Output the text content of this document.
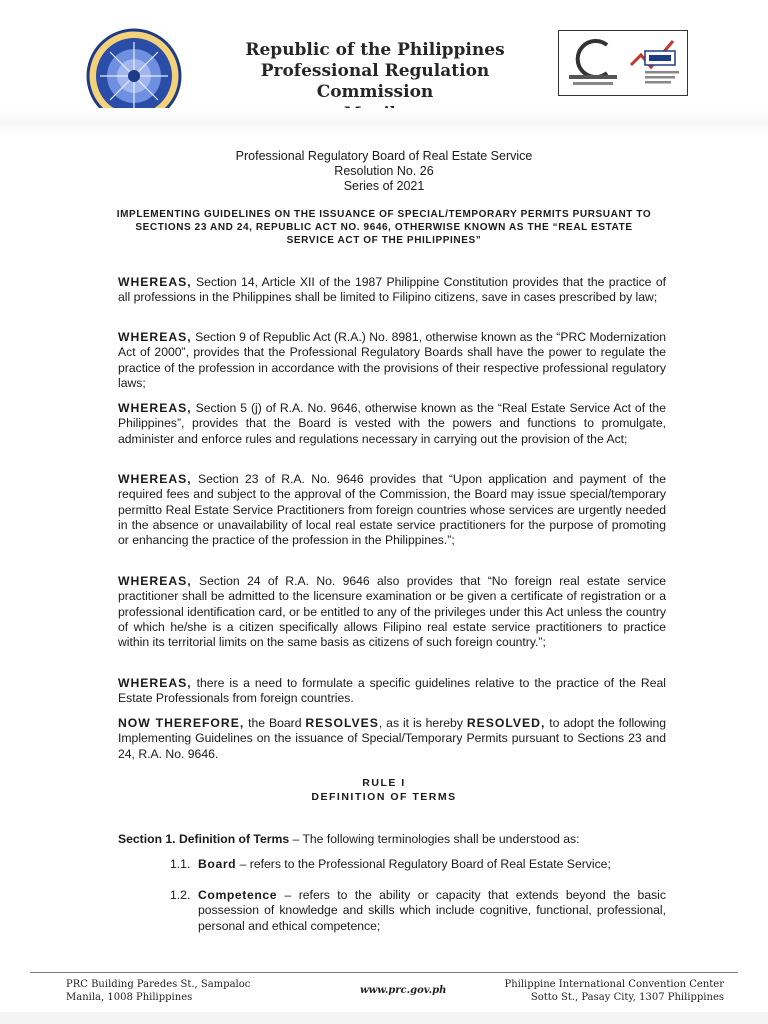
Republic of the Philippines
Professional Regulation Commission
Professional Regulatory Board of Real Estate Service
Resolution No. 26
Series of 2021
IMPLEMENTING GUIDELINES ON THE ISSUANCE OF SPECIAL/TEMPORARY PERMITS PURSUANT TO SECTIONS 23 AND 24, REPUBLIC ACT NO. 9646, OTHERWISE KNOWN AS THE “REAL ESTATE SERVICE ACT OF THE PHILIPPINES”
WHEREAS, Section 14, Article XII of the 1987 Philippine Constitution provides that the practice of all professions in the Philippines shall be limited to Filipino citizens, save in cases prescribed by law;
WHEREAS, Section 9 of Republic Act (R.A.) No. 8981, otherwise known as the “PRC Modernization Act of 2000”, provides that the Professional Regulatory Boards shall have the power to regulate the practice of the profession in accordance with the provisions of their respective professional regulatory laws;
WHEREAS, Section 5 (j) of R.A. No. 9646, otherwise known as the “Real Estate Service Act of the Philippines”, provides that the Board is vested with the powers and functions to promulgate, administer and enforce rules and regulations necessary in carrying out the provision of the Act;
WHEREAS, Section 23 of R.A. No. 9646 provides that “Upon application and payment of the required fees and subject to the approval of the Commission, the Board may issue special/temporary permitto Real Estate Service Practitioners from foreign countries whose services are urgently needed in the absence or unavailability of local real estate service practitioners for the purpose of promoting or enhancing the practice of the profession in the Philippines.”;
WHEREAS, Section 24 of R.A. No. 9646 also provides that “No foreign real estate service practitioner shall be admitted to the licensure examination or be given a certificate of registration or a professional identification card, or be entitled to any of the privileges under this Act unless the country of which he/she is a citizen specifically allows Filipino real estate service practitioners to practice within its territorial limits on the same basis as citizens of such foreign country.”;
WHEREAS, there is a need to formulate a specific guidelines relative to the practice of the Real Estate Professionals from foreign countries.
NOW THEREFORE, the Board RESOLVES, as it is hereby RESOLVED, to adopt the following Implementing Guidelines on the issuance of Special/Temporary Permits pursuant to Sections 23 and 24, R.A. No. 9646.
RULE I
DEFINITION OF TERMS
Section 1. Definition of Terms – The following terminologies shall be understood as:
1.1. Board – refers to the Professional Regulatory Board of Real Estate Service;
1.2. Competence – refers to the ability or capacity that extends beyond the basic possession of knowledge and skills which include cognitive, functional, professional, personal and ethical competence;
PRC Building Paredes St., Sampaloc
Manila, 1008 Philippines
www.prc.gov.ph
Philippine International Convention Center
Sotto St., Pasay City, 1307 Philippines
